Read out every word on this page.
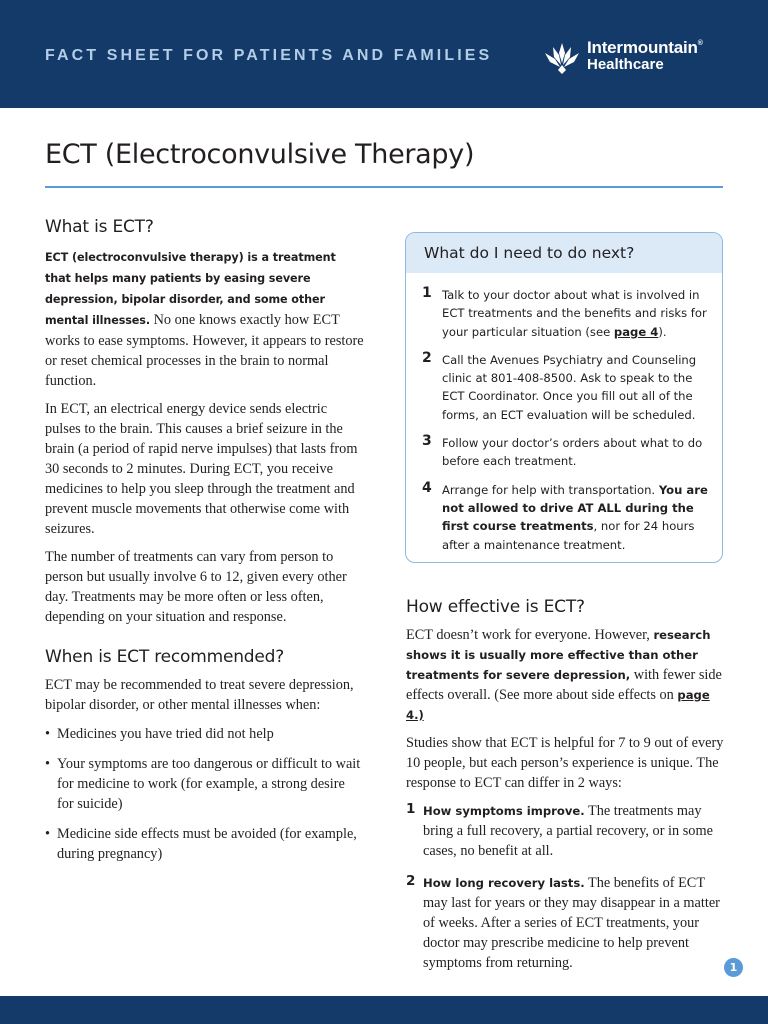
FACT SHEET FOR PATIENTS AND FAMILIES	Intermountain®
Healthcare
ECT (Electroconvulsive Therapy)
What is ECT?

ECT (electroconvulsive therapy) is a treatment that helps many patients by easing severe depression, bipolar disorder, and some other mental illnesses. No one knows exactly how ECT works to ease symptoms. However, it appears to restore or reset chemical processes in the brain to normal function.

In ECT, an electrical energy device sends electric pulses to the brain. This causes a brief seizure in the brain (a period of rapid nerve impulses) that lasts from 30 seconds to 2 minutes. During ECT, you receive medicines to help you sleep through the treatment and prevent muscle movements that otherwise come with seizures.

The number of treatments can vary from person to person but usually involve 6 to 12, given every other day. Treatments may be more often or less often, depending on your situation and response.

When is ECT recommended?

ECT may be recommended to treat severe depression, bipolar disorder, or other mental illnesses when:

• Medicines you have tried did not help
• Your symptoms are too dangerous or difficult to wait for medicine to work (for example, a strong desire for suicide)
• Medicine side effects must be avoided (for example, during pregnancy)
What do I need to do next?
1 Talk to your doctor about what is involved in ECT treatments and the benefits and risks for your particular situation (see page 4).
2 Call the Avenues Psychiatry and Counseling clinic at 801-408-8500. Ask to speak to the ECT Coordinator. Once you fill out all of the forms, an ECT evaluation will be scheduled.
3 Follow your doctor’s orders about what to do before each treatment.
4 Arrange for help with transportation. You are not allowed to drive AT ALL during the first course treatments, nor for 24 hours after a maintenance treatment.
How effective is ECT?

ECT doesn’t work for everyone. However, research shows it is usually more effective than other treatments for severe depression, with fewer side effects overall. (See more about side effects on page 4.)

Studies show that ECT is helpful for 7 to 9 out of every 10 people, but each person’s experience is unique. The response to ECT can differ in 2 ways:

1 How symptoms improve. The treatments may bring a full recovery, a partial recovery, or in some cases, no benefit at all.

2 How long recovery lasts. The benefits of ECT may last for years or they may disappear in a matter of weeks. After a series of ECT treatments, your doctor may prescribe medicine to help prevent symptoms from returning.	1
